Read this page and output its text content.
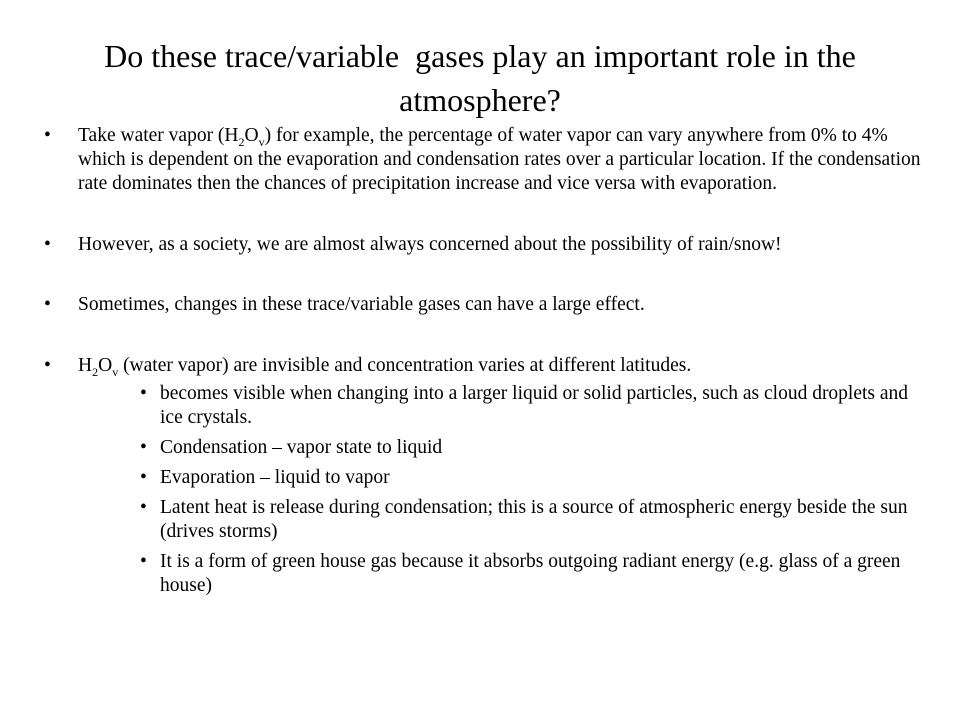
Do these trace/variable  gases play an important role in the
atmosphere?
• Take water vapor $(H_2O_v)$ for example, the percentage of water vapor can vary anywhere from 0% to 4% which is dependent on the evaporation and condensation rates over a particular location. If the condensation rate dominates then the chances of precipitation increase and vice versa with evaporation.
• However, as a society, we are almost always concerned about the possibility of rain/snow!
• Sometimes, changes in these trace/variable gases can have a large effect.
• $H_2O_v$ (water vapor) are invisible and concentration varies at different latitudes.
• becomes visible when changing into a larger liquid or solid particles, such as cloud droplets and ice crystals.
• Condensation – vapor state to liquid
• Evaporation – liquid to vapor
• Latent heat is release during condensation; this is a source of atmospheric energy beside the sun (drives storms)
• It is a form of green house gas because it absorbs outgoing radiant energy (e.g. glass of a green house)
